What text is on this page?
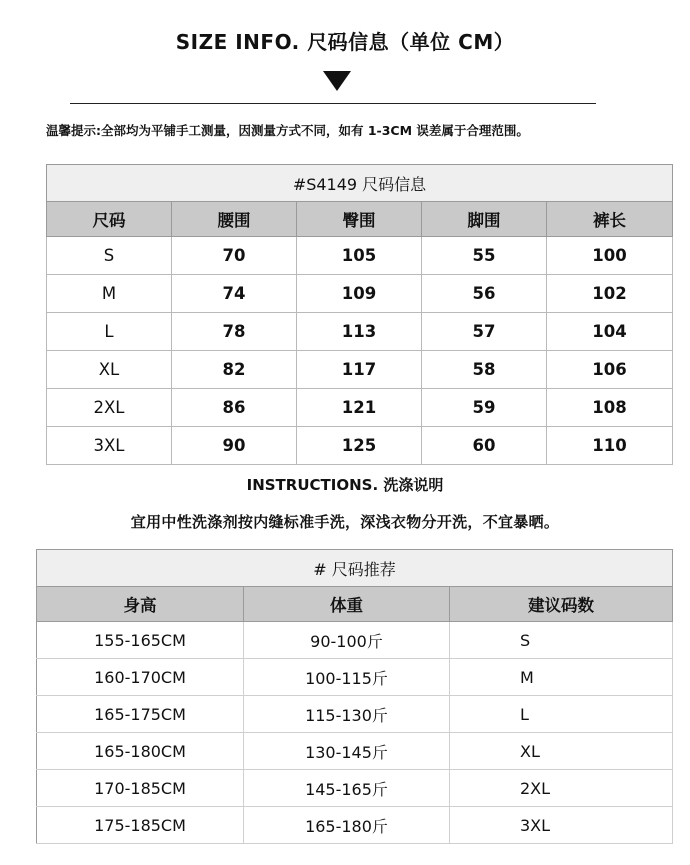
SIZE INFO. 尺码信息（单位 CM）
温馨提示:全部均为平铺手工测量，因测量方式不同，如有 1-3CM 误差属于合理范围。
#S4149 尺码信息				
尺码	腰围	臀围	脚围	裤长
S	70	105	55	100
M	74	109	56	102
L	78	113	57	104
XL	82	117	58	106
2XL	86	121	59	108
3XL	90	125	60	110
INSTRUCTIONS. 洗涤说明
宜用中性洗涤剂按内缝标准手洗，深浅衣物分开洗，不宜暴晒。
# 尺码推荐		
身高	体重	建议码数
155-165CM	90-100斤	S
160-170CM	100-115斤	M
165-175CM	115-130斤	L
165-180CM	130-145斤	XL
170-185CM	145-165斤	2XL
175-185CM	165-180斤	3XL
